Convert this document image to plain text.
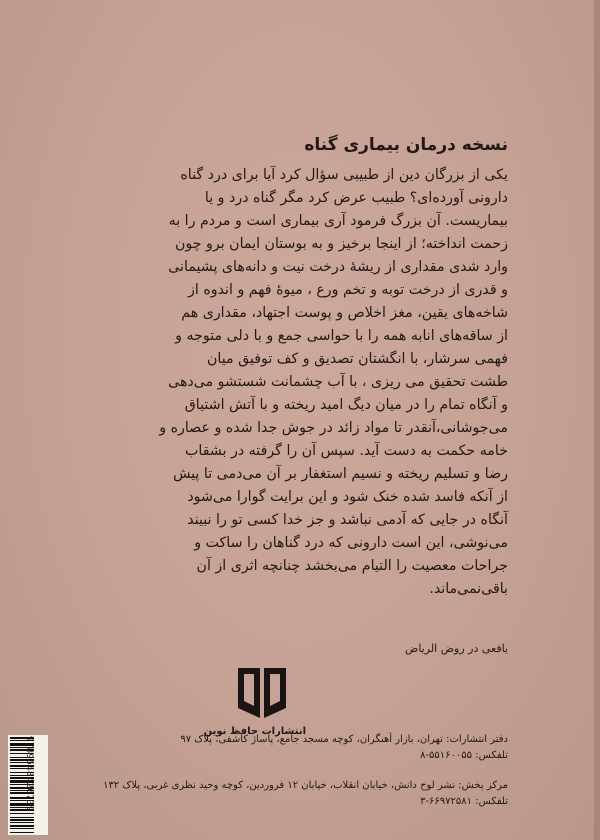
نسخه درمان بیماری گناه
یکی از بزرگان دین از طبیبی سؤال کرد آیا برای درد گناه
دارونی آورده‌ای؟ طبیب عرض کرد مگر گناه درد و یا
بیماریست. آن بزرگ فرمود آری بیماری است و مردم را به
زحمت انداخته؛ از اینجا برخیز و به بوستان ایمان برو چون
وارد شدی مقداری از ریشهٔ درخت نیت و دانه‌های پشیمانی
و قدری از درخت توبه و تخم ورع ، میوهٔ فهم و اندوه از
شاخه‌های یقین، مغز اخلاص و پوست اجتهاد، مقداری هم
از ساقه‌های انابه همه را با حواسی جمع و با دلی متوجه و
فهمی سرشار، با انگشتان تصدیق و کف توفیق میان
طشت تحقیق می ریزی ، با آب چشمانت شستشو می‌دهی
و آنگاه تمام را در میان دیگ امید ریخته و با آتش اشتیاق
می‌جوشانی،آنقدر تا مواد زائد در جوش جدا شده و عصاره و
خامه حکمت به دست آید. سپس آن را گرفته در بشقاب
رضا و تسلیم ریخته و نسیم استغفار بر آن می‌دمی تا پیش
از آنکه فاسد شده خنک شود و این برایت گوارا می‌شود
آنگاه در جایی که آدمی نباشد و جز خدا کسی تو را نبیند
می‌نوشی، این است دارونی که درد گناهان را ساکت و
جراحات معصیت را التیام می‌بخشد چنانچه اثری از آن
باقی‌نمی‌ماند.
یافعی در روض الریاض
انتشارات حافظ نوین
دفتر انتشارات: تهران، بازار آهنگران، کوچه مسجد جامع، پاساژ کاشفی، پلاک ۹۷
تلفکس: ۵۵۱۶۰۰۵۵-۸
مرکز پخش: نشر لوح دانش، خیابان انقلاب، خیابان ۱۲ فروردین، کوچه وحید نظری غربی، پلاک ۱۳۲
تلفکس: ۶۶۹۷۲۵۸۱-۳
9789648426739
